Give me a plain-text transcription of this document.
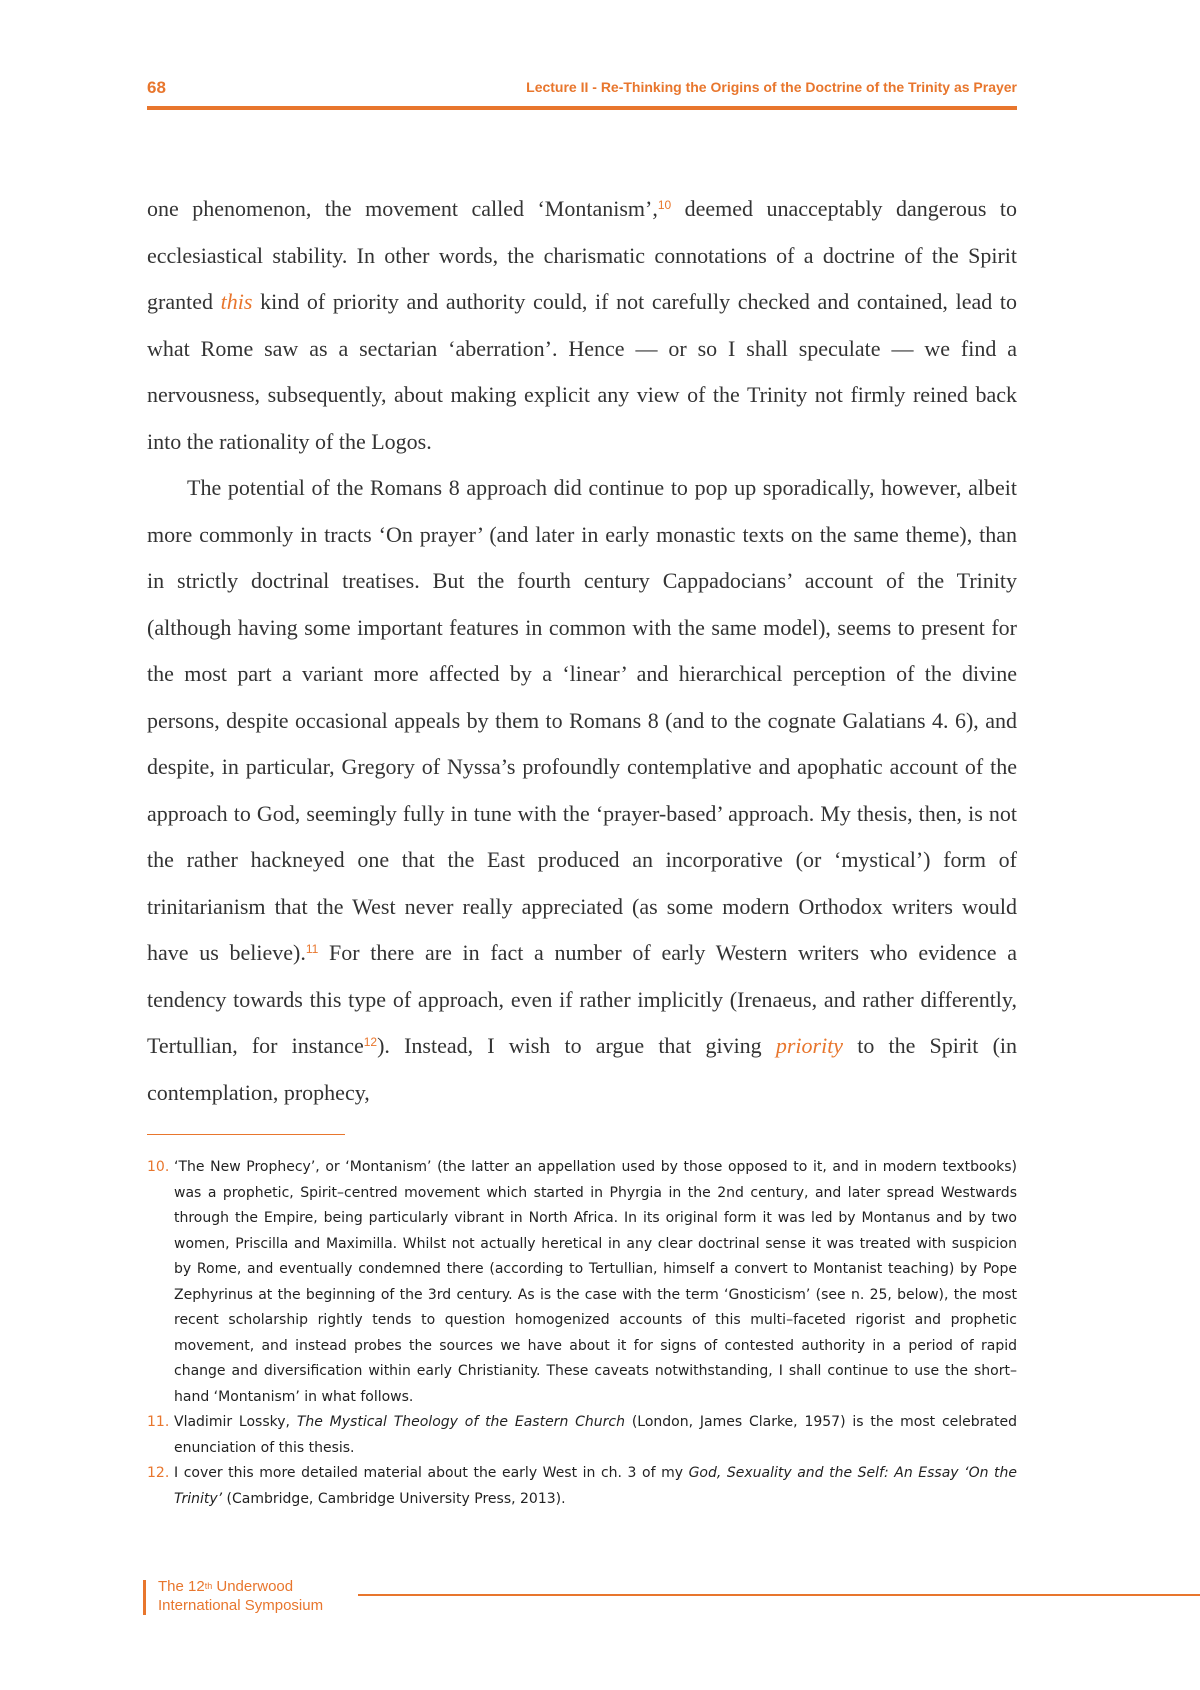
68	Lecture II - Re-Thinking the Origins of the Doctrine of the Trinity as Prayer

one phenomenon, the movement called ‘Montanism’,$^{10}$ deemed unacceptably dangerous to ecclesiastical stability. In other words, the charismatic connotations of a doctrine of the Spirit granted this kind of priority and authority could, if not carefully checked and contained, lead to what Rome saw as a sectarian ‘aberration’. Hence — or so I shall speculate — we find a nervousness, subsequently, about making explicit any view of the Trinity not firmly reined back into the rationality of the Logos.

The potential of the Romans 8 approach did continue to pop up sporadically, however, albeit more commonly in tracts ‘On prayer’ (and later in early monastic texts on the same theme), than in strictly doctrinal treatises. But the fourth century Cappadocians’ account of the Trinity (although having some important features in common with the same model), seems to present for the most part a variant more affected by a ‘linear’ and hierarchical perception of the divine persons, despite occasional appeals by them to Romans 8 (and to the cognate Galatians 4. 6), and despite, in particular, Gregory of Nyssa’s profoundly contemplative and apophatic account of the approach to God, seemingly fully in tune with the ‘prayer-based’ approach. My thesis, then, is not the rather hackneyed one that the East produced an incorporative (or ‘mystical’) form of trinitarianism that the West never really appreciated (as some modern Orthodox writers would have us believe).$^{11}$ For there are in fact a number of early Western writers who evidence a tendency towards this type of approach, even if rather implicitly (Irenaeus, and rather differently, Tertullian, for instance$^{12}$). Instead, I wish to argue that giving priority to the Spirit (in contemplation, prophecy,

10. ‘The New Prophecy’, or ‘Montanism’ (the latter an appellation used by those opposed to it, and in modern textbooks) was a prophetic, Spirit–centred movement which started in Phyrgia in the 2nd century, and later spread Westwards through the Empire, being particularly vibrant in North Africa. In its original form it was led by Montanus and by two women, Priscilla and Maximilla. Whilst not actually heretical in any clear doctrinal sense it was treated with suspicion by Rome, and eventually condemned there (according to Tertullian, himself a convert to Montanist teaching) by Pope Zephyrinus at the beginning of the 3rd century. As is the case with the term ‘Gnosticism’ (see n. 25, below), the most recent scholarship rightly tends to question homogenized accounts of this multi–faceted rigorist and prophetic movement, and instead probes the sources we have about it for signs of contested authority in a period of rapid change and diversification within early Christianity. These caveats notwithstanding, I shall continue to use the short–hand ‘Montanism’ in what follows.
11. Vladimir Lossky, The Mystical Theology of the Eastern Church (London, James Clarke, 1957) is the most celebrated enunciation of this thesis.
12. I cover this more detailed material about the early West in ch. 3 of my God, Sexuality and the Self: An Essay ‘On the Trinity’ (Cambridge, Cambridge University Press, 2013).
The 12th Underwood
International Symposium
